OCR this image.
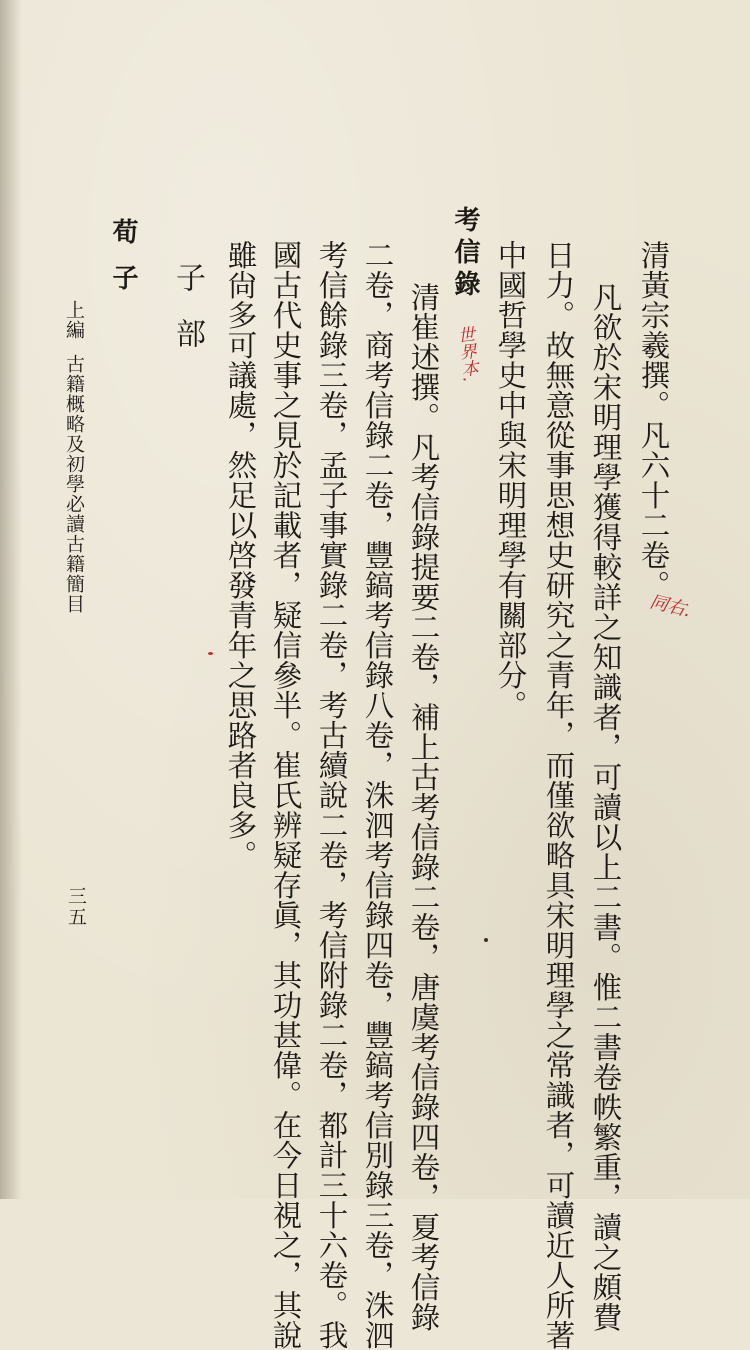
清黃宗羲撰。凡六十二卷。
凡欲於宋明理學獲得較詳之知識者，可讀以上二書。惟二書卷帙繁重，讀之頗費
日力。故無意從事思想史研究之青年，而僅欲略具宋明理學之常識者，可讀近人所著
中國哲學史中與宋明理學有關部分。
考信錄
清崔述撰。凡考信錄提要二卷，補上古考信錄二卷，唐虞考信錄四卷，夏考信錄
二卷，商考信錄二卷，豐鎬考信錄八卷，洙泗考信錄四卷，豐鎬考信別錄三卷，洙泗
考信餘錄三卷，孟子事實錄二卷，考古續說二卷，考信附錄二卷，都計三十六卷。我
國古代史事之見於記載者，疑信參半。崔氏辨疑存眞，其功甚偉。在今日視之，其說
雖尙多可議處，然足以啓發青年之思路者良多。
子部
荀子
上編
古籍概略及初學必讀古籍簡目
三五
同右.
世界本.
